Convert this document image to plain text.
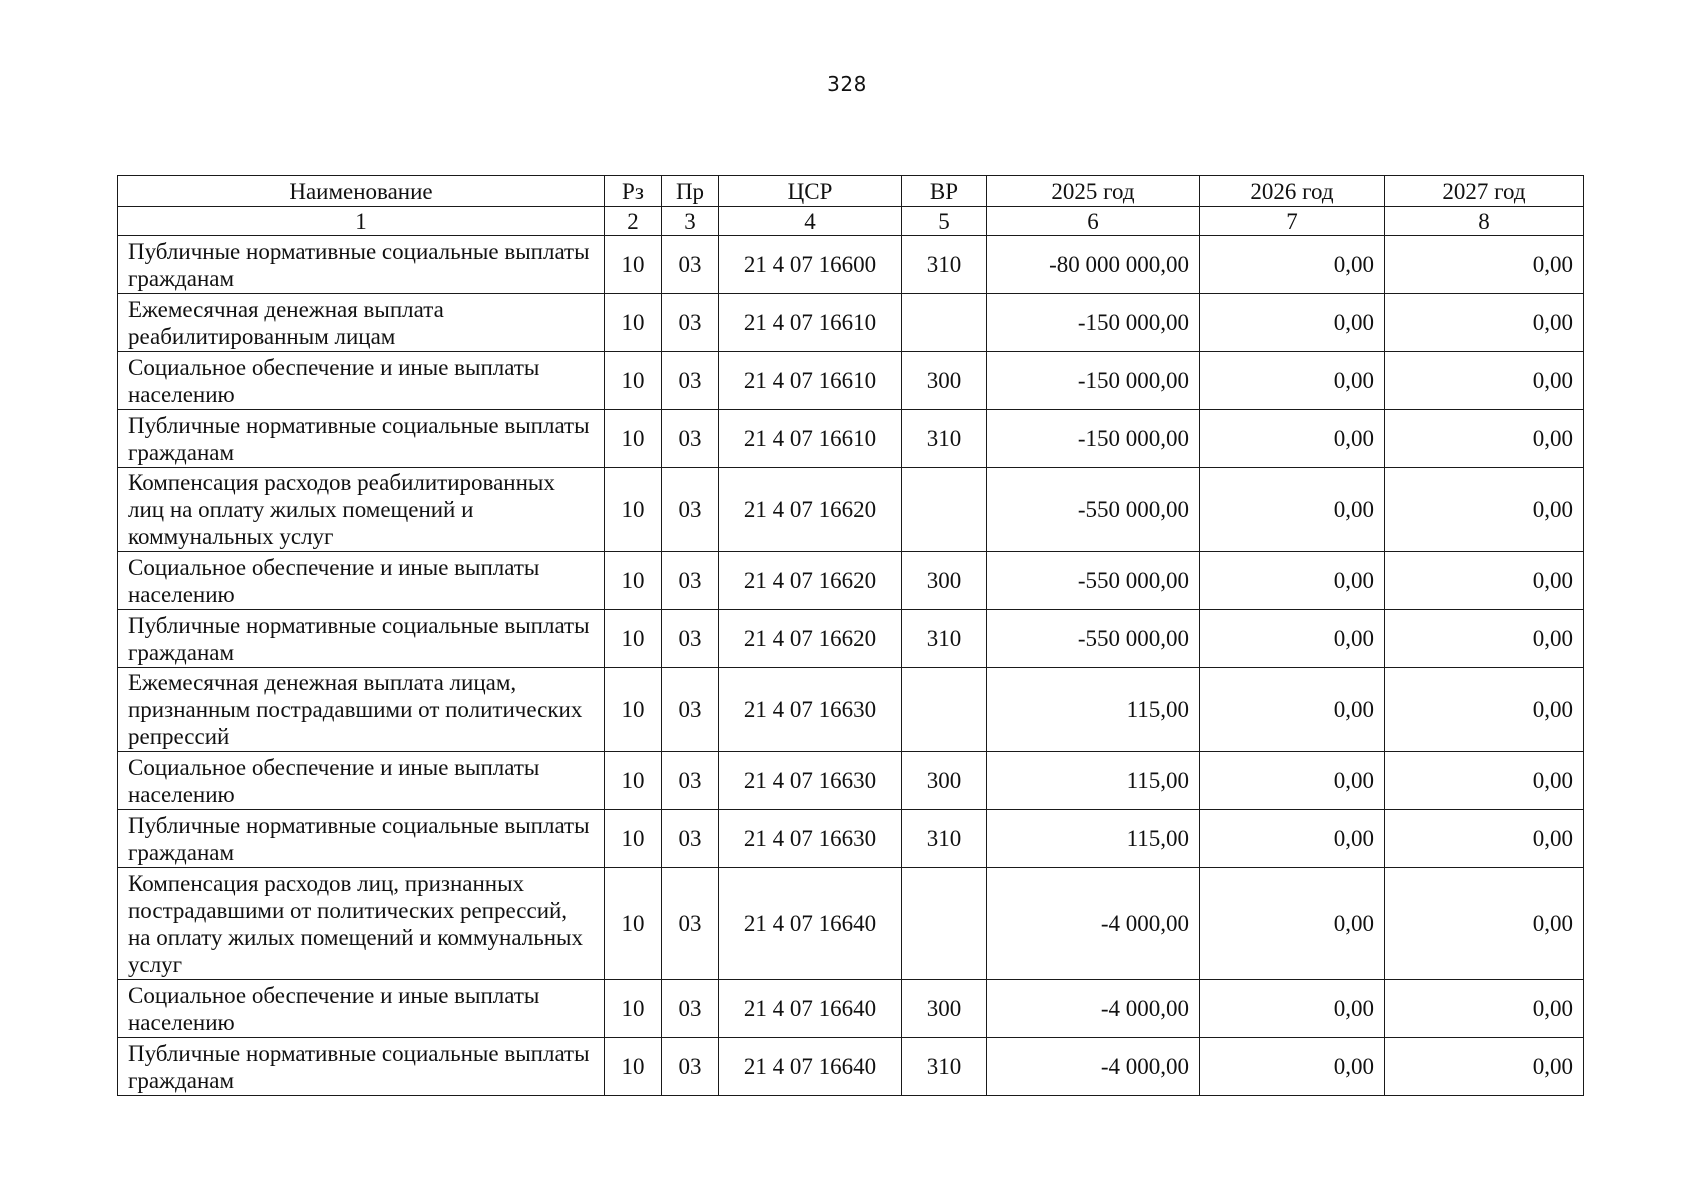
328
Наименование	Рз	Пр	ЦСР	ВР	2025 год	2026 год	2027 год
1	2	3	4	5	6	7	8
Публичные нормативные социальные выплаты гражданам	10	03	21 4 07 16600	310	-80 000 000,00	0,00	0,00
Ежемесячная денежная выплата реабилитированным лицам	10	03	21 4 07 16610		-150 000,00	0,00	0,00
Социальное обеспечение и иные выплаты населению	10	03	21 4 07 16610	300	-150 000,00	0,00	0,00
Публичные нормативные социальные выплаты гражданам	10	03	21 4 07 16610	310	-150 000,00	0,00	0,00
Компенсация расходов реабилитированных лиц на оплату жилых помещений и коммунальных услуг	10	03	21 4 07 16620		-550 000,00	0,00	0,00
Социальное обеспечение и иные выплаты населению	10	03	21 4 07 16620	300	-550 000,00	0,00	0,00
Публичные нормативные социальные выплаты гражданам	10	03	21 4 07 16620	310	-550 000,00	0,00	0,00
Ежемесячная денежная выплата лицам, признанным пострадавшими от политических репрессий	10	03	21 4 07 16630		115,00	0,00	0,00
Социальное обеспечение и иные выплаты населению	10	03	21 4 07 16630	300	115,00	0,00	0,00
Публичные нормативные социальные выплаты гражданам	10	03	21 4 07 16630	310	115,00	0,00	0,00
Компенсация расходов лиц, признанных пострадавшими от политических репрессий, на оплату жилых помещений и коммунальных услуг	10	03	21 4 07 16640		-4 000,00	0,00	0,00
Социальное обеспечение и иные выплаты населению	10	03	21 4 07 16640	300	-4 000,00	0,00	0,00
Публичные нормативные социальные выплаты гражданам	10	03	21 4 07 16640	310	-4 000,00	0,00	0,00
